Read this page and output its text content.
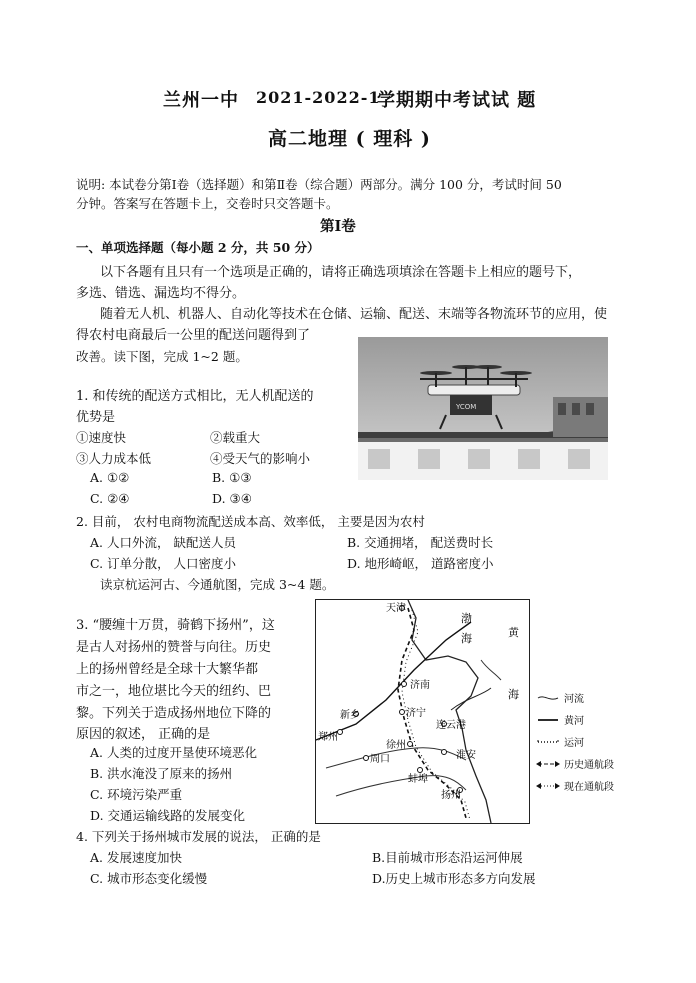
兰州一中 2021-2022-1
学期期中考试试 题
高二地理 ( 理科 )
说明: 本试卷分第Ⅰ卷（选择题）和第Ⅱ卷（综合题）两部分。满分 100 分，考试时间 50
分钟。答案写在答题卡上，交卷时只交答题卡。
第Ⅰ卷
一、单项选择题（每小题 2 分，共 50 分）
以下各题有且只有一个选项是正确的，请将正确选项填涂在答题卡上相应的题号下，
多选、错选、漏选均不得分。
随着无人机、机器人、自动化等技术在仓储、运输、配送、末端等各物流环节的应用，使
得农村电商最后一公里的配送问题得到了
改善。读下图，完成 1~2 题。
YCOM
1. 和传统的配送方式相比，无人机配送的
优势是
①速度快	②载重大
③人力成本低	④受天气的影响小
A. ①②	B. ①③
C. ②④	D. ③④
2. 目前， 农村电商物流配送成本高、效率低， 主要是因为农村
A. 人口外流， 缺配送人员	B. 交通拥堵， 配送费时长
C. 订单分散， 人口密度小	D. 地形崎岖， 道路密度小
读京杭运河古、今通航图，完成 3~4 题。
3. “腰缠十万贯，骑鹤下扬州”，这
是古人对扬州的赞誉与向往。历史
上的扬州曾经是全球十大繁华都
市之一，地位堪比今天的纽约、巴
黎。下列关于造成扬州地位下降的
原因的叙述， 正确的是
A. 人类的过度开垦使环境恶化
B. 洪水淹没了原来的扬州
C. 环境污染严重
D. 交通运输线路的发展变化
天津
渤
海	黄
海
济南
新乡	济宁
连云港
郑州
徐州
周口	淮安
蚌埠
扬州
河流
黄河
运河
历史通航段
现在通航段
4. 下列关于扬州城市发展的说法， 正确的是
A. 发展速度加快	B.目前城市形态沿运河伸展
C. 城市形态变化缓慢	D.历史上城市形态多方向发展
